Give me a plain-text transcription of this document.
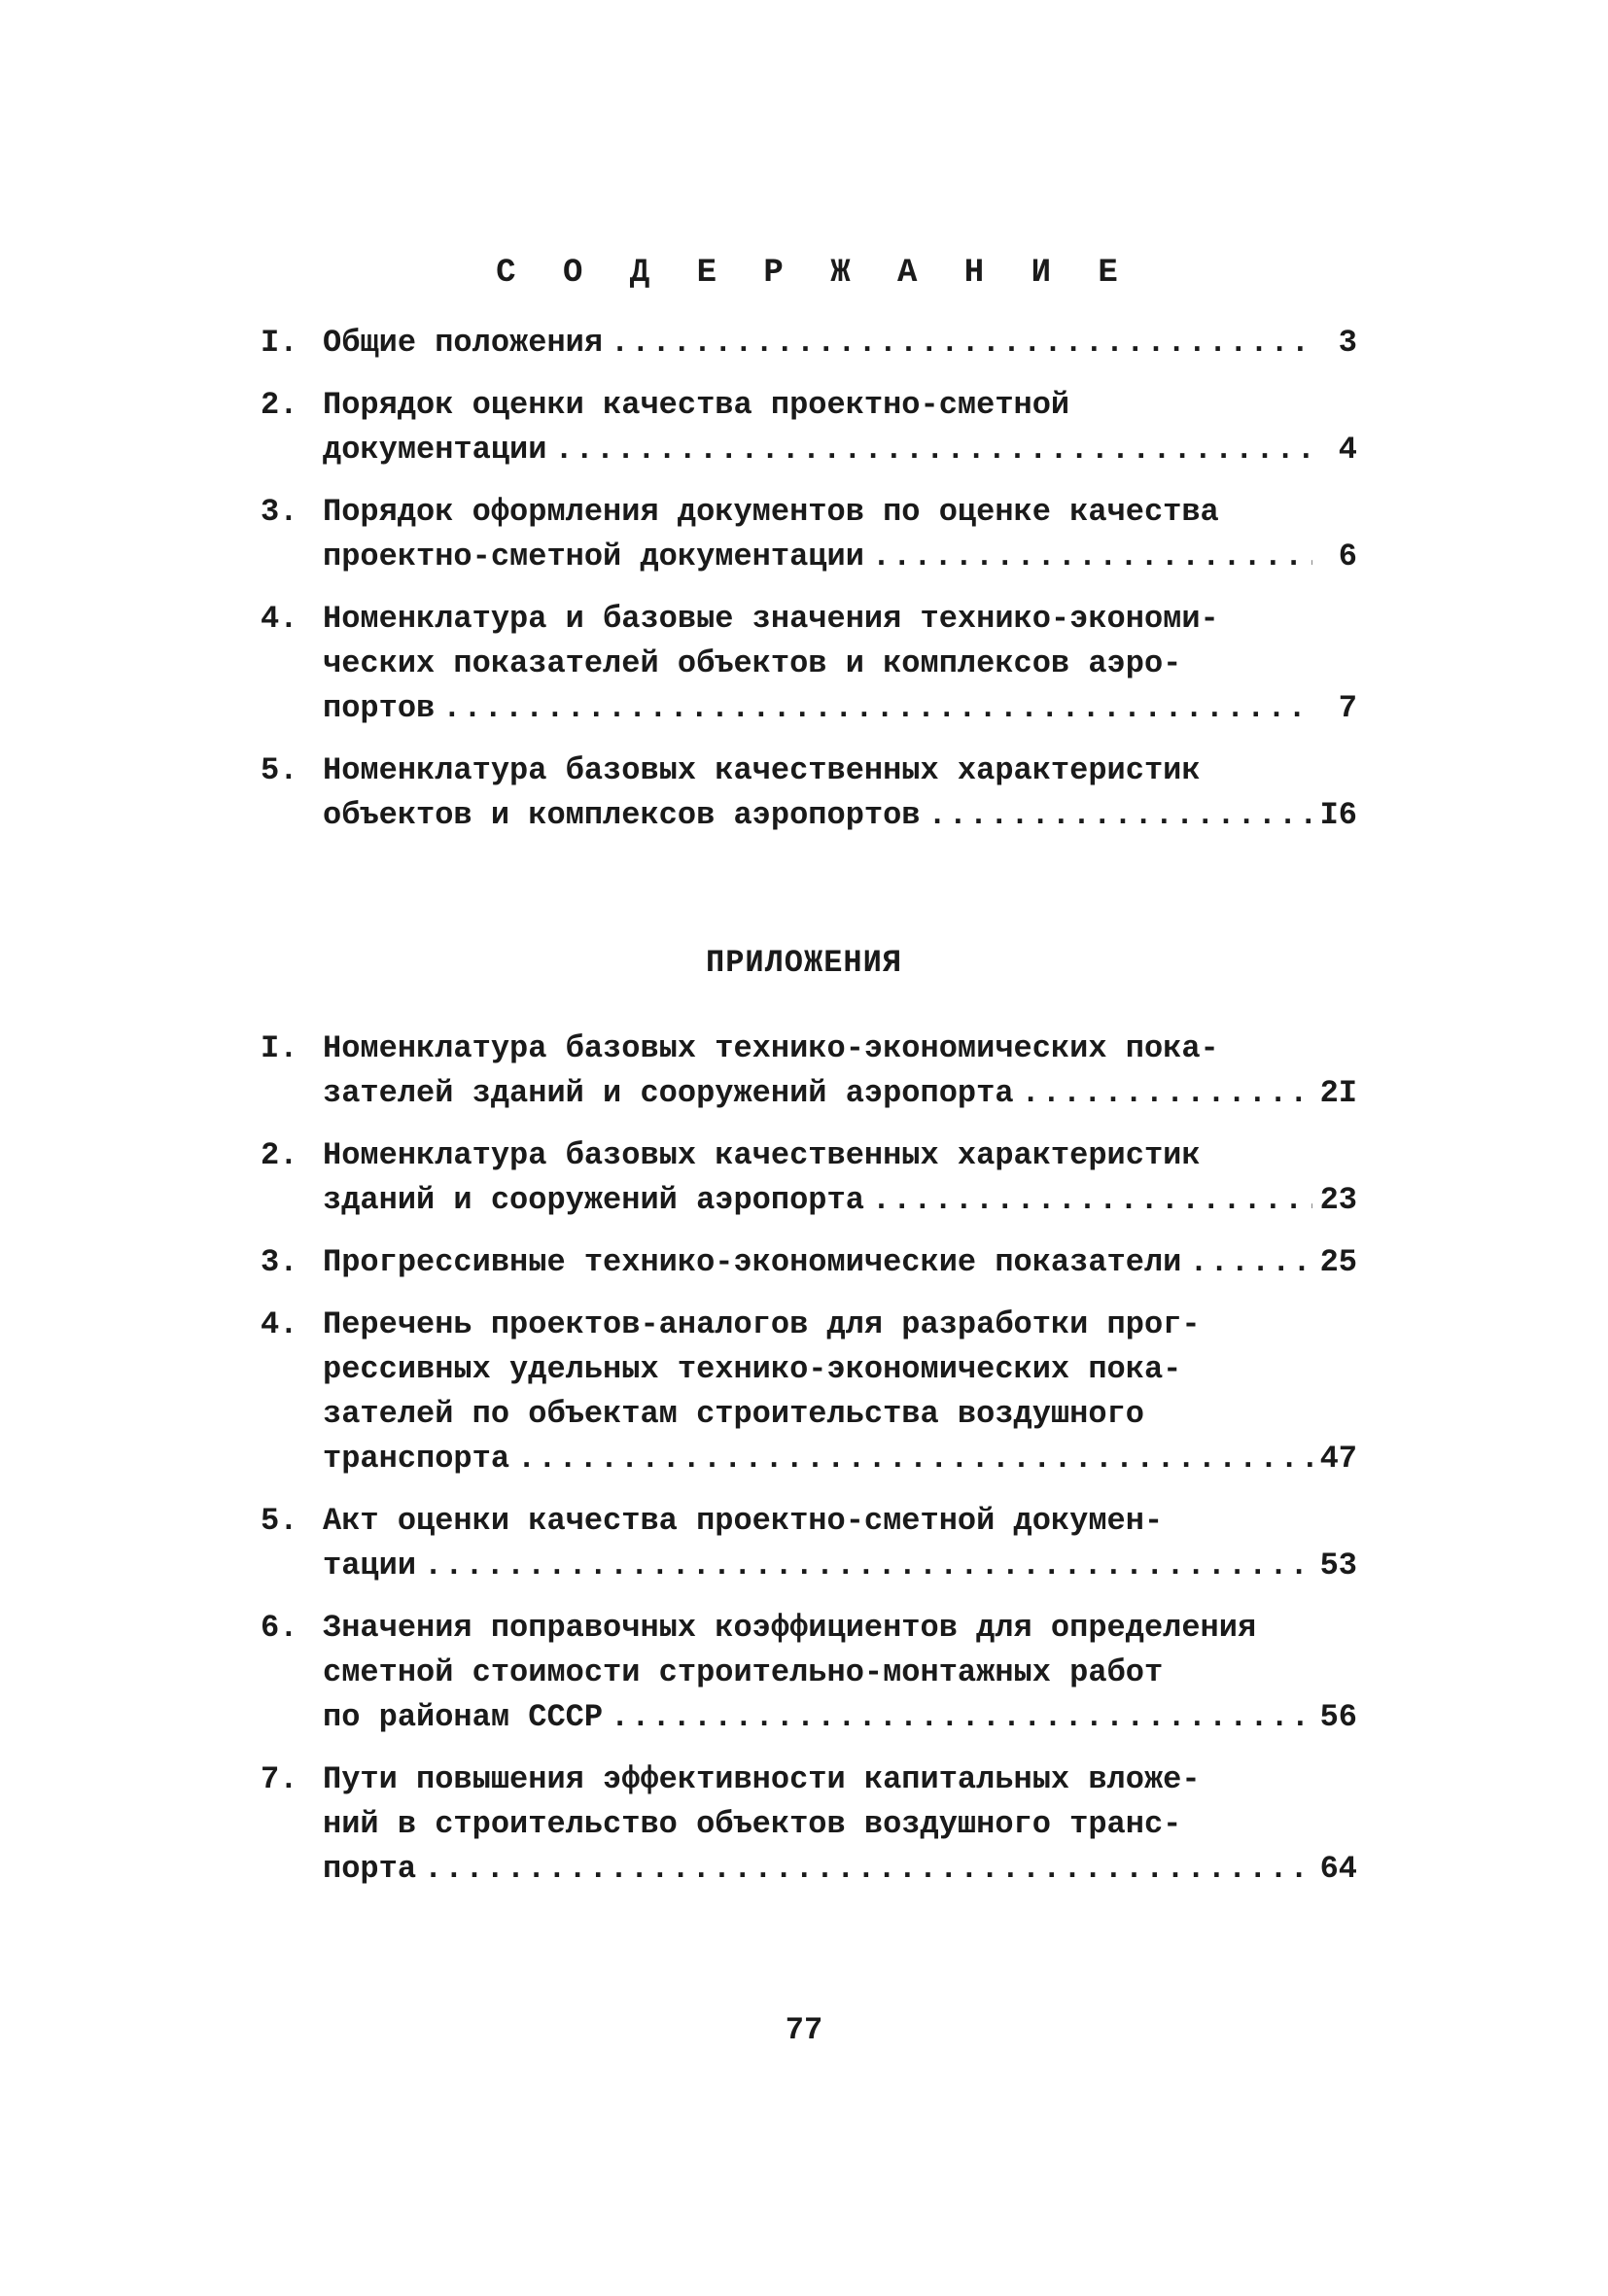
С О Д Е Р Ж А Н И Е
I. Общие положения .....	3
2. Порядок оценки качества проектно-сметной
документации .....	4
3. Порядок оформления документов по оценке качества
проектно-сметной документации .....	6
4. Номенклатура и базовые значения технико-экономи-
ческих показателей объектов и комплексов аэро-
портов .....	7
5. Номенклатура базовых качественных характеристик
объектов и комплексов аэропортов .....	I6
ПРИЛОЖЕНИЯ
I. Номенклатура базовых технико-экономических пока-
зателей зданий и сооружений аэропорта .....	2I
2. Номенклатура базовых качественных характеристик
зданий и сооружений аэропорта .....	23
3. Прогрессивные технико-экономические показатели .....	25
4. Перечень проектов-аналогов для разработки прог-
рессивных удельных технико-экономических пока-
зателей по объектам строительства воздушного
транспорта .....	47
5. Акт оценки качества проектно-сметной докумен-
тации .....	53
6. Значения поправочных коэффициентов для определения
сметной стоимости строительно-монтажных работ
по районам СССР .....	56
7. Пути повышения эффективности капитальных вложе-
ний в строительство объектов воздушного транс-
порта .....	64
77
